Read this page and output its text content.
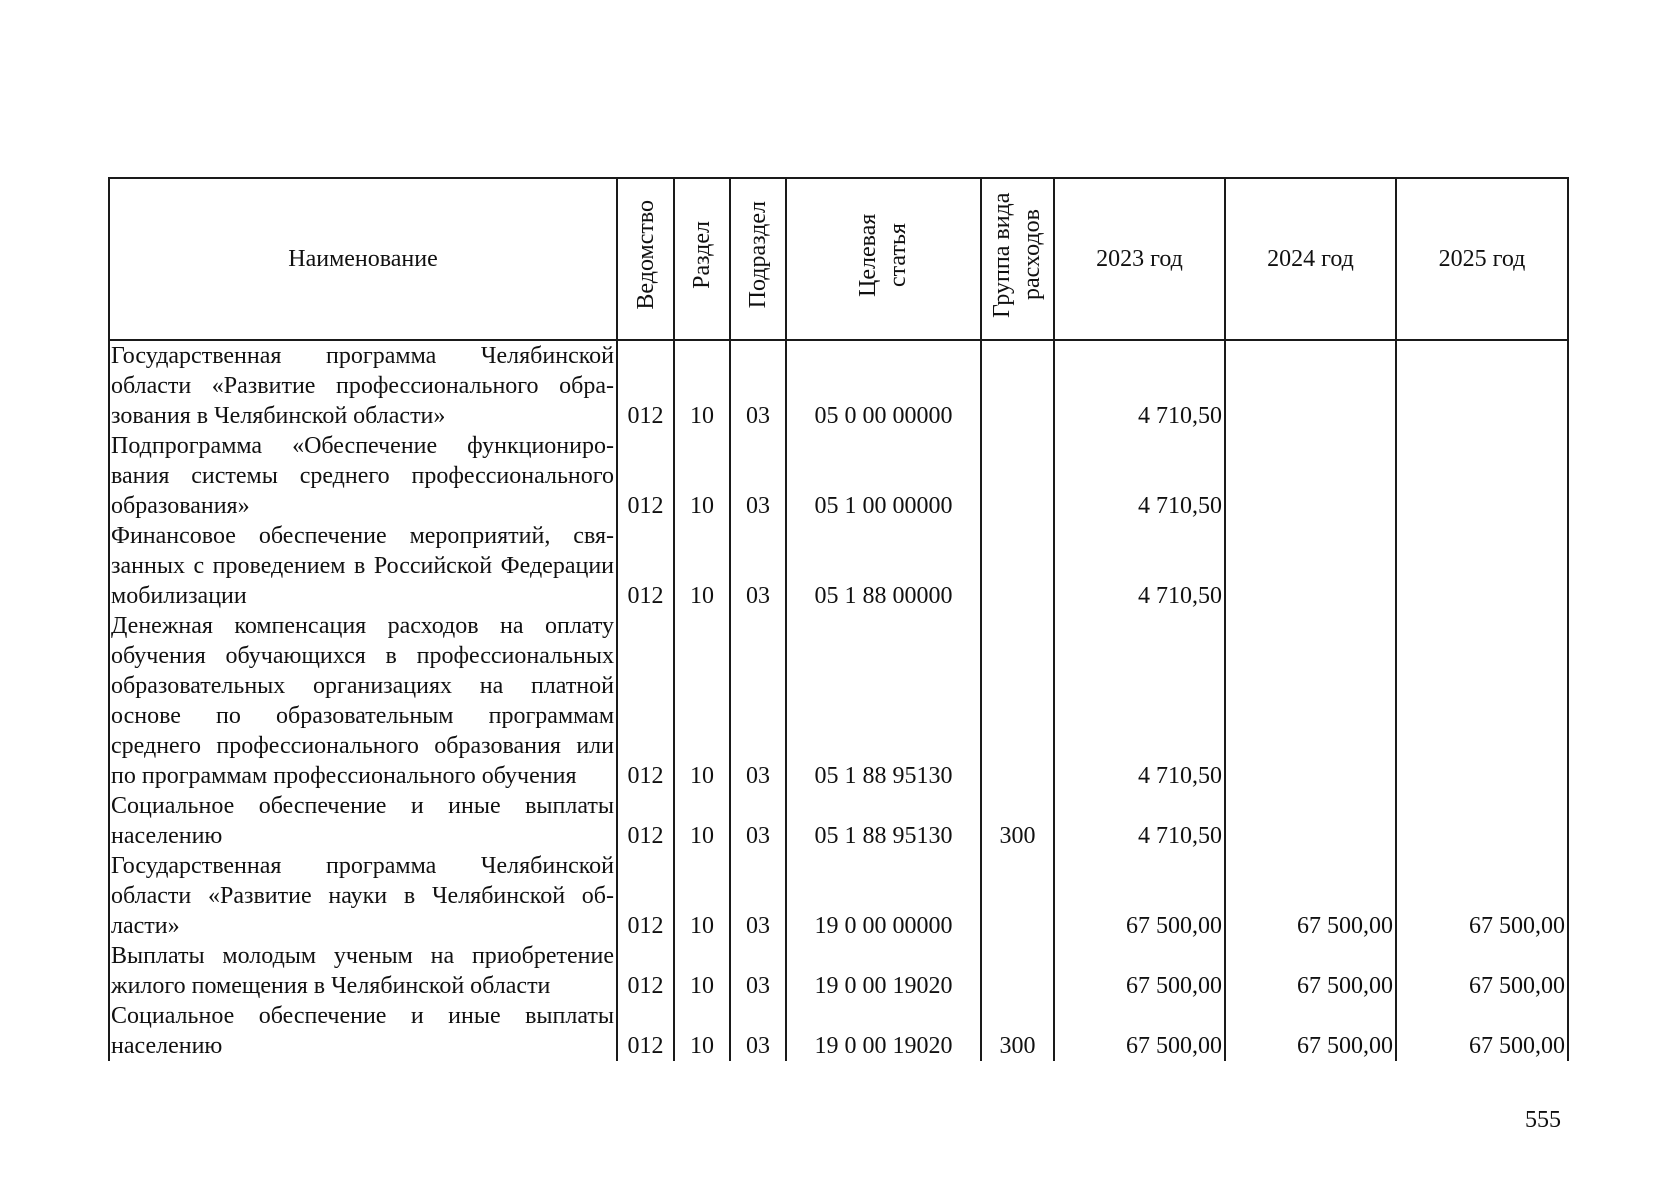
Наименование	Ведомство	Раздел	Подраздел	Целевая статья	Группа вида расходов	2023 год	2024 год	2025 год
Государственная программа Челябинской области «Развитие профессионального образования в Челябинской области»	012	10	03	05 0 00 00000		4 710,50		
Подпрограмма «Обеспечение функционирования системы среднего профессионального образования»	012	10	03	05 1 00 00000		4 710,50		
Финансовое обеспечение мероприятий, связанных с проведением в Российской Федерации мобилизации	012	10	03	05 1 88 00000		4 710,50		
Денежная компенсация расходов на оплату обучения обучающихся в профессиональных образовательных организациях на платной основе по образовательным программам среднего профессионального образования или по программам профессионального обучения	012	10	03	05 1 88 95130		4 710,50		
Социальное обеспечение и иные выплаты населению	012	10	03	05 1 88 95130	300	4 710,50		
Государственная программа Челябинской области «Развитие науки в Челябинской области»	012	10	03	19 0 00 00000		67 500,00	67 500,00	67 500,00
Выплаты молодым ученым на приобретение жилого помещения в Челябинской области	012	10	03	19 0 00 19020		67 500,00	67 500,00	67 500,00
Социальное обеспечение и иные выплаты населению	012	10	03	19 0 00 19020	300	67 500,00	67 500,00	67 500,00
555
